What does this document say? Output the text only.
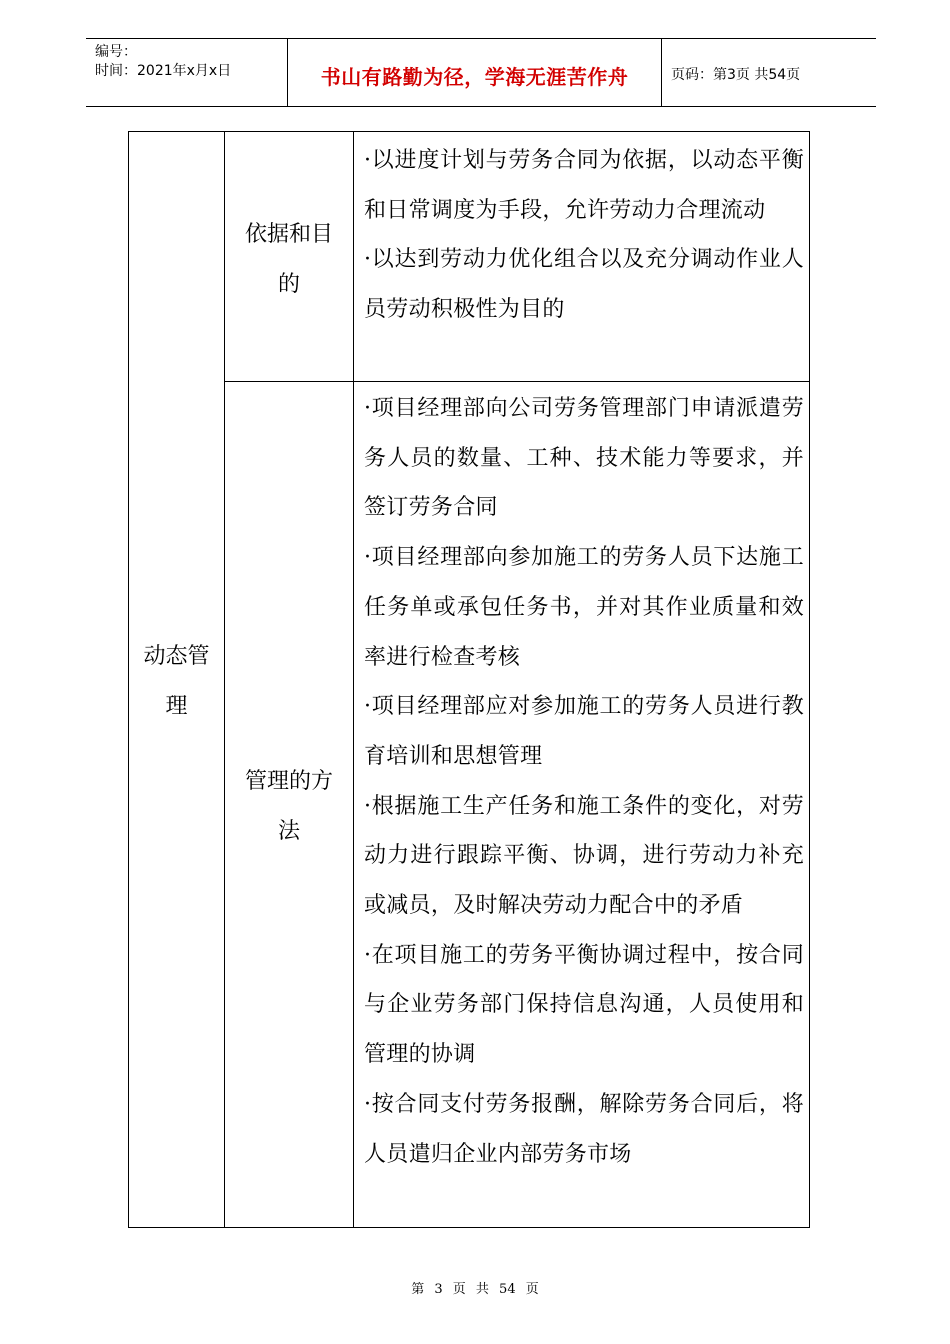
编号：
时间：2021年x月x日	书山有路勤为径，学海无涯苦作舟	页码：第3页 共54页
动态管
理
依据和目
的

·以进度计划与劳务合同为依据，以动态平衡和日常调度为手段，允许劳动力合理流动

·以达到劳动力优化组合以及充分调动作业人员劳动积极性为目的

管理的方
法

·项目经理部向公司劳务管理部门申请派遣劳务人员的数量、工种、技术能力等要求，并签订劳务合同

·项目经理部向参加施工的劳务人员下达施工任务单或承包任务书，并对其作业质量和效率进行检查考核

·项目经理部应对参加施工的劳务人员进行教育培训和思想管理

·根据施工生产任务和施工条件的变化，对劳动力进行跟踪平衡、协调，进行劳动力补充或减员，及时解决劳动力配合中的矛盾

·在项目施工的劳务平衡协调过程中，按合同与企业劳务部门保持信息沟通，人员使用和管理的协调

·按合同支付劳务报酬，解除劳务合同后，将人员遣归企业内部劳务市场

第 3 页 共 54 页
